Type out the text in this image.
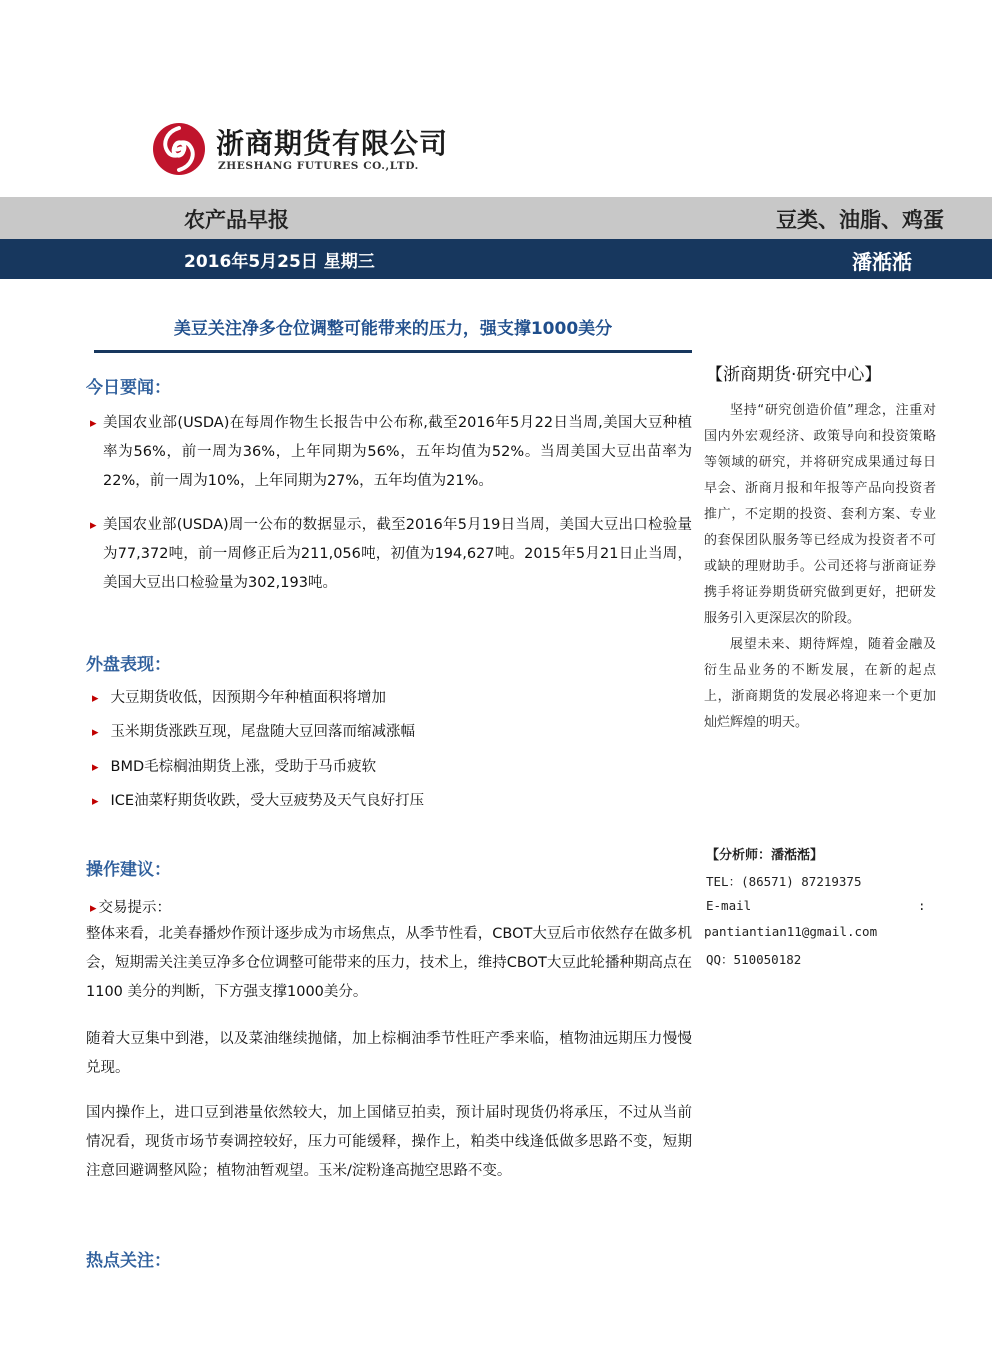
浙商期货有限公司
ZHESHANG FUTURES CO.,LTD.
农产品早报	豆类、油脂、鸡蛋
2016年5月25日 星期三	潘湉湉
美豆关注净多仓位调整可能带来的压力，强支撑1000美分
今日要闻：
▸ 美国农业部(USDA)在每周作物生长报告中公布称,截至2016年5月22日当周,美国大豆种植率为56%，前一周为36%，上年同期为56%，五年均值为52%。当周美国大豆出苗率为22%，前一周为10%，上年同期为27%，五年均值为21%。
▸ 美国农业部(USDA)周一公布的数据显示，截至2016年5月19日当周，美国大豆出口检验量为77,372吨，前一周修正后为211,056吨，初值为194,627吨。2015年5月21日止当周，美国大豆出口检验量为302,193吨。
外盘表现：
▸ 大豆期货收低，因预期今年种植面积将增加
▸ 玉米期货涨跌互现，尾盘随大豆回落而缩减涨幅
▸ BMD毛棕榈油期货上涨，受助于马币疲软
▸ ICE油菜籽期货收跌，受大豆疲势及天气良好打压
操作建议：
▸ 交易提示：
整体来看，北美春播炒作预计逐步成为市场焦点，从季节性看，CBOT大豆后市依然存在做多机会，短期需关注美豆净多仓位调整可能带来的压力，技术上，维持CBOT大豆此轮播种期高点在1100 美分的判断，下方强支撑1000美分。
随着大豆集中到港，以及菜油继续抛储，加上棕榈油季节性旺产季来临，植物油远期压力慢慢兑现。
国内操作上，进口豆到港量依然较大，加上国储豆拍卖，预计届时现货仍将承压，不过从当前情况看，现货市场节奏调控较好，压力可能缓释，操作上，粕类中线逢低做多思路不变，短期注意回避调整风险；植物油暂观望。玉米/淀粉逢高抛空思路不变。
热点关注：
【浙商期货·研究中心】

坚持“研究创造价值”理念，注重对国内外宏观经济、政策导向和投资策略等领域的研究，并将研究成果通过每日早会、浙商月报和年报等产品向投资者推广，不定期的投资、套利方案、专业的套保团队服务等已经成为投资者不可或缺的理财助手。公司还将与浙商证券携手将证券期货研究做到更好，把研发服务引入更深层次的阶段。

展望未来、期待辉煌，随着金融及衍生品业务的不断发展，在新的起点上，浙商期货的发展必将迎来一个更加灿烂辉煌的明天。

【分析师：潘湉湉】
TEL：(86571) 87219375
E-mail	:
pantiantian11@gmail.com
QQ：510050182
